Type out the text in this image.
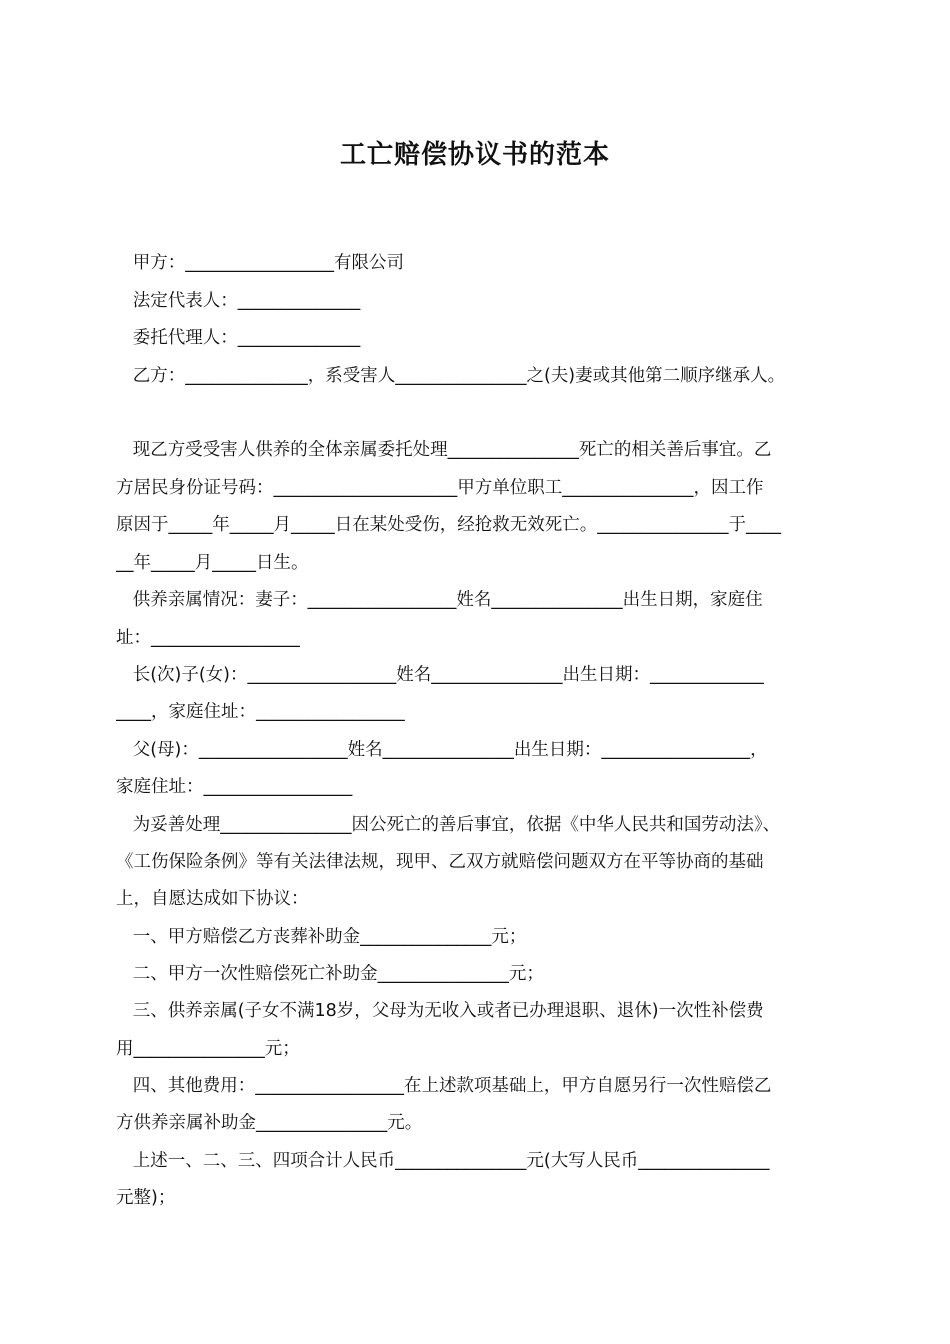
工亡赔偿协议书的范本
甲方：_________________有限公司
法定代表人：______________
委托代理人：______________
乙方：______________，系受害人_______________之(夫)妻或其他第二顺序继承人。
现乙方受受害人供养的全体亲属委托处理_______________死亡的相关善后事宜。乙
方居民身份证号码：_____________________甲方单位职工_______________，因工作
原因于_____年_____月_____日在某处受伤，经抢救无效死亡。_______________于____
__年_____月_____日生。
供养亲属情况：妻子：_________________姓名_______________出生日期，家庭住
址：_________________
长(次)子(女)：_________________姓名_______________出生日期：_____________
____，家庭住址：_________________
父(母)：_________________姓名_______________出生日期：_________________，
家庭住址：_________________
为妥善处理_______________因公死亡的善后事宜，依据《中华人民共和国劳动法》、
《工伤保险条例》等有关法律法规，现甲、乙双方就赔偿问题双方在平等协商的基础
上，自愿达成如下协议：
一、甲方赔偿乙方丧葬补助金_______________元；
二、甲方一次性赔偿死亡补助金_______________元；
三、供养亲属(子女不满18岁，父母为无收入或者已办理退职、退休)一次性补偿费
用_______________元；
四、其他费用：_________________在上述款项基础上，甲方自愿另行一次性赔偿乙
方供养亲属补助金_______________元。
上述一、二、三、四项合计人民币_______________元(大写人民币_______________
元整)；
